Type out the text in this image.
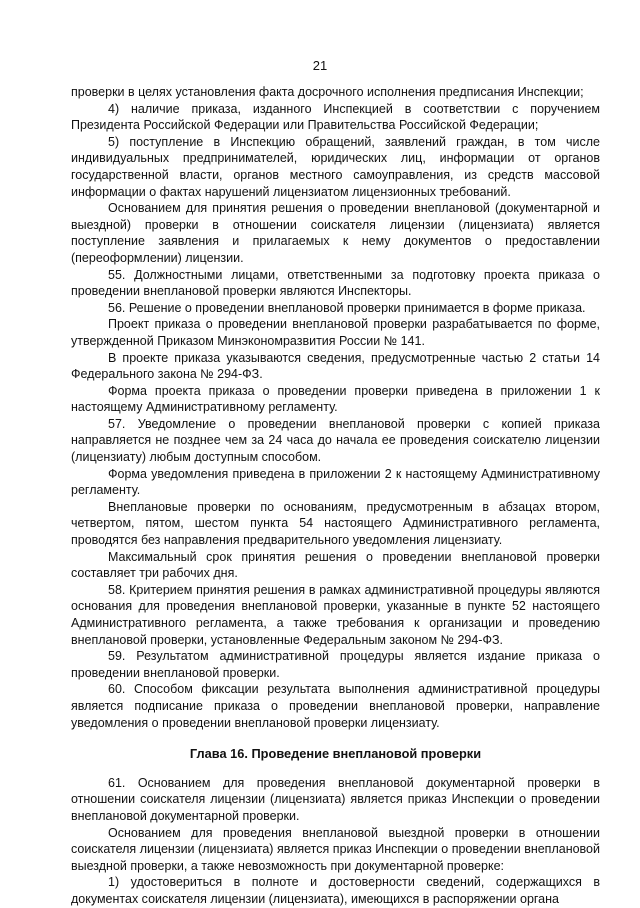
21

проверки в целях установления факта досрочного исполнения предписания Инспекции;

4) наличие приказа, изданного Инспекцией в соответствии с поручением Президента Российской Федерации или Правительства Российской Федерации;

5) поступление в Инспекцию обращений, заявлений граждан, в том числе индивидуальных предпринимателей, юридических лиц, информации от органов государственной власти, органов местного самоуправления, из средств массовой информации о фактах нарушений лицензиатом лицензионных требований.

Основанием для принятия решения о проведении внеплановой (документарной и выездной) проверки в отношении соискателя лицензии (лицензиата) является поступление заявления и прилагаемых к нему документов о предоставлении (переоформлении) лицензии.

55. Должностными лицами, ответственными за подготовку проекта приказа о проведении внеплановой проверки являются Инспекторы.

56. Решение о проведении внеплановой проверки принимается в форме приказа.

Проект приказа о проведении внеплановой проверки разрабатывается по форме, утвержденной Приказом Минэкономразвития России № 141.

В проекте приказа указываются сведения, предусмотренные частью 2 статьи 14 Федерального закона № 294-ФЗ.

Форма проекта приказа о проведении проверки приведена в приложении 1 к настоящему Административному регламенту.

57. Уведомление о проведении внеплановой проверки с копией приказа направляется не позднее чем за 24 часа до начала ее проведения соискателю лицензии (лицензиату) любым доступным способом.

Форма уведомления приведена в приложении 2 к настоящему Административному регламенту.

Внеплановые проверки по основаниям, предусмотренным в абзацах втором, четвертом, пятом, шестом пункта 54 настоящего Административного регламента, проводятся без направления предварительного уведомления лицензиату.

Максимальный срок принятия решения о проведении внеплановой проверки составляет три рабочих дня.

58. Критерием принятия решения в рамках административной процедуры являются основания для проведения внеплановой проверки, указанные в пункте 52 настоящего Административного регламента, а также требования к организации и проведению внеплановой проверки, установленные Федеральным законом № 294-ФЗ.

59. Результатом административной процедуры является издание приказа о проведении внеплановой проверки.

60. Способом фиксации результата выполнения административной процедуры является подписание приказа о проведении внеплановой проверки, направление уведомления о проведении внеплановой проверки лицензиату.

Глава 16. Проведение внеплановой проверки

61. Основанием для проведения внеплановой документарной проверки в отношении соискателя лицензии (лицензиата) является приказ Инспекции о проведении внеплановой документарной проверки.

Основанием для проведения внеплановой выездной проверки в отношении соискателя лицензии (лицензиата) является приказ Инспекции о проведении внеплановой выездной проверки, а также невозможность при документарной проверке:

1) удостовериться в полноте и достоверности сведений, содержащихся в документах соискателя лицензии (лицензиата), имеющихся в распоряжении органа
